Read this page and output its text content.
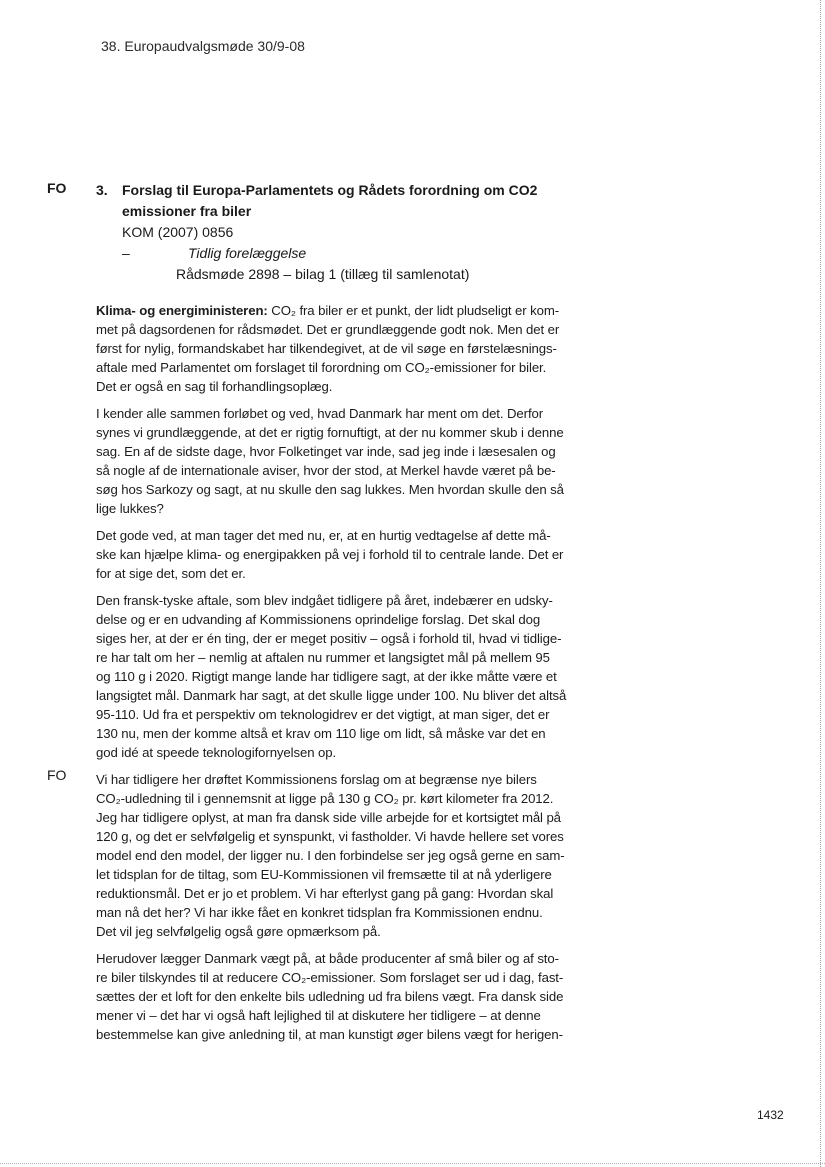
38. Europaudvalgsmøde 30/9-08
FO
FO
3.	Forslag til Europa-Parlamentets og Rådets forordning om CO2
emissioner fra biler
KOM (2007) 0856
–	Tidlig forelæggelse
Rådsmøde 2898 – bilag 1 (tillæg til samlenotat)
Klima- og energiministeren: CO₂ fra biler er et punkt, der lidt pludseligt er kom-
met på dagsordenen for rådsmødet. Det er grundlæggende godt nok. Men det er
først for nylig, formandskabet har tilkendegivet, at de vil søge en førstelæsnings-
aftale med Parlamentet om forslaget til forordning om CO₂-emissioner for biler.
Det er også en sag til forhandlingsoplæg.
I kender alle sammen forløbet og ved, hvad Danmark har ment om det. Derfor
synes vi grundlæggende, at det er rigtig fornuftigt, at der nu kommer skub i denne
sag. En af de sidste dage, hvor Folketinget var inde, sad jeg inde i læsesalen og
så nogle af de internationale aviser, hvor der stod, at Merkel havde været på be-
søg hos Sarkozy og sagt, at nu skulle den sag lukkes. Men hvordan skulle den så
lige lukkes?
Det gode ved, at man tager det med nu, er, at en hurtig vedtagelse af dette må-
ske kan hjælpe klima- og energipakken på vej i forhold til to centrale lande. Det er
for at sige det, som det er.
Den fransk-tyske aftale, som blev indgået tidligere på året, indebærer en udsky-
delse og er en udvanding af Kommissionens oprindelige forslag. Det skal dog
siges her, at der er én ting, der er meget positiv – også i forhold til, hvad vi tidlige-
re har talt om her – nemlig at aftalen nu rummer et langsigtet mål på mellem 95
og 110 g i 2020. Rigtigt mange lande har tidligere sagt, at der ikke måtte være et
langsigtet mål. Danmark har sagt, at det skulle ligge under 100. Nu bliver det altså
95-110. Ud fra et perspektiv om teknologidrev er det vigtigt, at man siger, det er
130 nu, men der komme altså et krav om 110 lige om lidt, så måske var det en
god idé at speede teknologifornyelsen op.
Vi har tidligere her drøftet Kommissionens forslag om at begrænse nye bilers
CO₂-udledning til i gennemsnit at ligge på 130 g CO₂ pr. kørt kilometer fra 2012.
Jeg har tidligere oplyst, at man fra dansk side ville arbejde for et kortsigtet mål på
120 g, og det er selvfølgelig et synspunkt, vi fastholder. Vi havde hellere set vores
model end den model, der ligger nu. I den forbindelse ser jeg også gerne en sam-
let tidsplan for de tiltag, som EU-Kommissionen vil fremsætte til at nå yderligere
reduktionsmål. Det er jo et problem. Vi har efterlyst gang på gang: Hvordan skal
man nå det her? Vi har ikke fået en konkret tidsplan fra Kommissionen endnu.
Det vil jeg selvfølgelig også gøre opmærksom på.
Herudover lægger Danmark vægt på, at både producenter af små biler og af sto-
re biler tilskyndes til at reducere CO₂-emissioner. Som forslaget ser ud i dag, fast-
sættes der et loft for den enkelte bils udledning ud fra bilens vægt. Fra dansk side
mener vi – det har vi også haft lejlighed til at diskutere her tidligere – at denne
bestemmelse kan give anledning til, at man kunstigt øger bilens vægt for herigen-
1432
